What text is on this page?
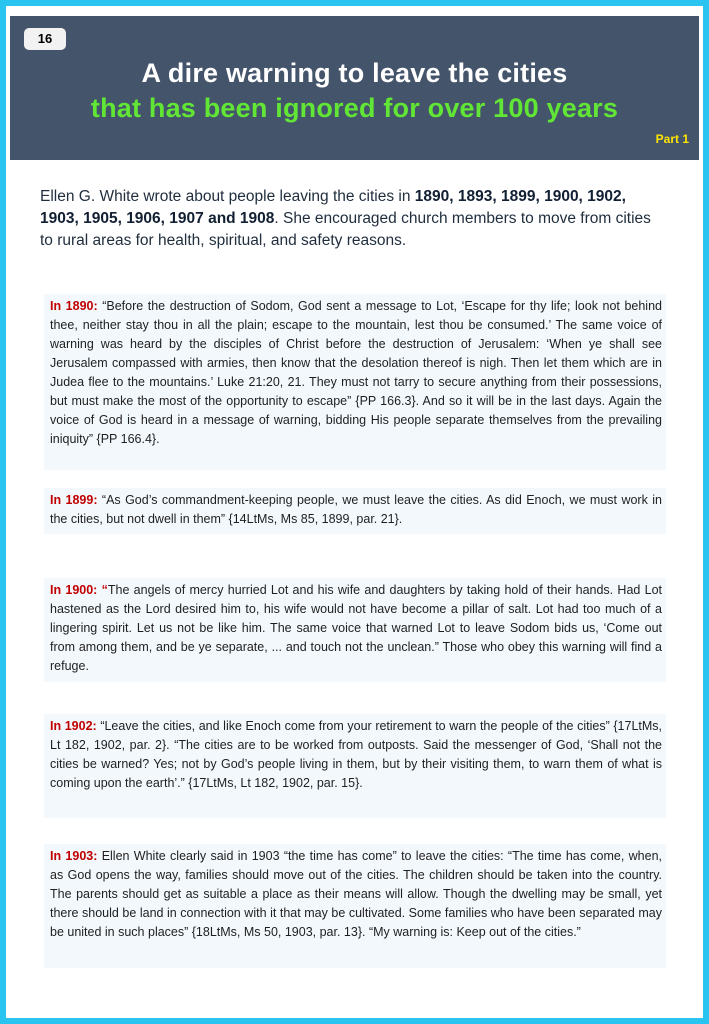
16
A dire warning to leave the cities
that has been ignored for over 100 years
Part 1

Ellen G. White wrote about people leaving the cities in 1890, 1893, 1899, 1900, 1902, 1903, 1905, 1906, 1907 and 1908. She encouraged church members to move from cities to rural areas for health, spiritual, and safety reasons.

In 1890: “Before the destruction of Sodom, God sent a message to Lot, ‘Escape for thy life; look not behind thee, neither stay thou in all the plain; escape to the mountain, lest thou be consumed.’ The same voice of warning was heard by the disciples of Christ before the destruction of Jerusalem: ‘When ye shall see Jerusalem compassed with armies, then know that the desolation thereof is nigh. Then let them which are in Judea flee to the mountains.’ Luke 21:20, 21. They must not tarry to secure anything from their possessions, but must make the most of the opportunity to escape” {PP 166.3}. And so it will be in the last days. Again the voice of God is heard in a message of warning, bidding His people separate themselves from the prevailing iniquity” {PP 166.4}.
In 1899: “As God’s commandment-keeping people, we must leave the cities. As did Enoch, we must work in the cities, but not dwell in them” {14LtMs, Ms 85, 1899, par. 21}.
In 1900: “The angels of mercy hurried Lot and his wife and daughters by taking hold of their hands. Had Lot hastened as the Lord desired him to, his wife would not have become a pillar of salt. Lot had too much of a lingering spirit. Let us not be like him. The same voice that warned Lot to leave Sodom bids us, ‘Come out from among them, and be ye separate, ... and touch not the unclean.” Those who obey this warning will find a refuge.
In 1902: “Leave the cities, and like Enoch come from your retirement to warn the people of the cities” {17LtMs, Lt 182, 1902, par. 2}. “The cities are to be worked from outposts. Said the messenger of God, ‘Shall not the cities be warned? Yes; not by God’s people living in them, but by their visiting them, to warn them of what is coming upon the earth’.” {17LtMs, Lt 182, 1902, par. 15}.
In 1903: Ellen White clearly said in 1903 “the time has come” to leave the cities: “The time has come, when, as God opens the way, families should move out of the cities. The children should be taken into the country. The parents should get as suitable a place as their means will allow. Though the dwelling may be small, yet there should be land in connection with it that may be cultivated. Some families who have been separated may be united in such places” {18LtMs, Ms 50, 1903, par. 13}. “My warning is: Keep out of the cities.”
